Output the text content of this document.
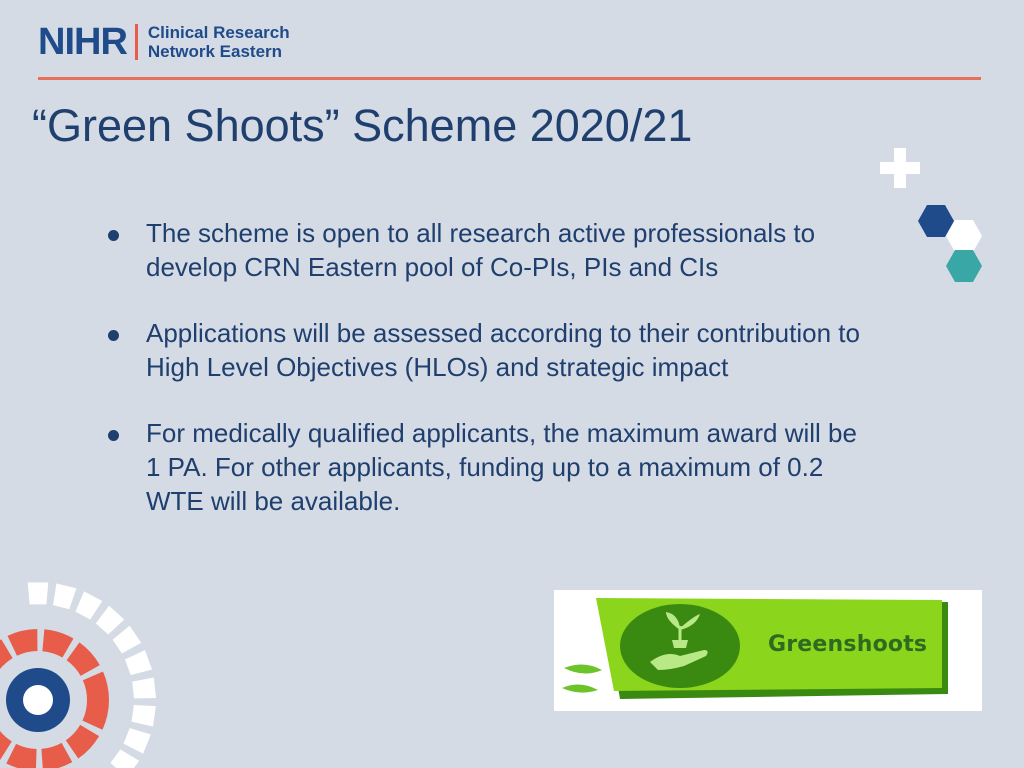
NIHR Clinical Research
Network Eastern
“Green Shoots” Scheme 2020/21
The scheme is open to all research active professionals to develop CRN Eastern pool of Co-PIs, PIs and CIs
Applications will be assessed according to their contribution to High Level Objectives (HLOs) and strategic impact
For medically qualified applicants, the maximum award will be 1 PA. For other applicants, funding up to a maximum of 0.2 WTE will be available.
Greenshoots
